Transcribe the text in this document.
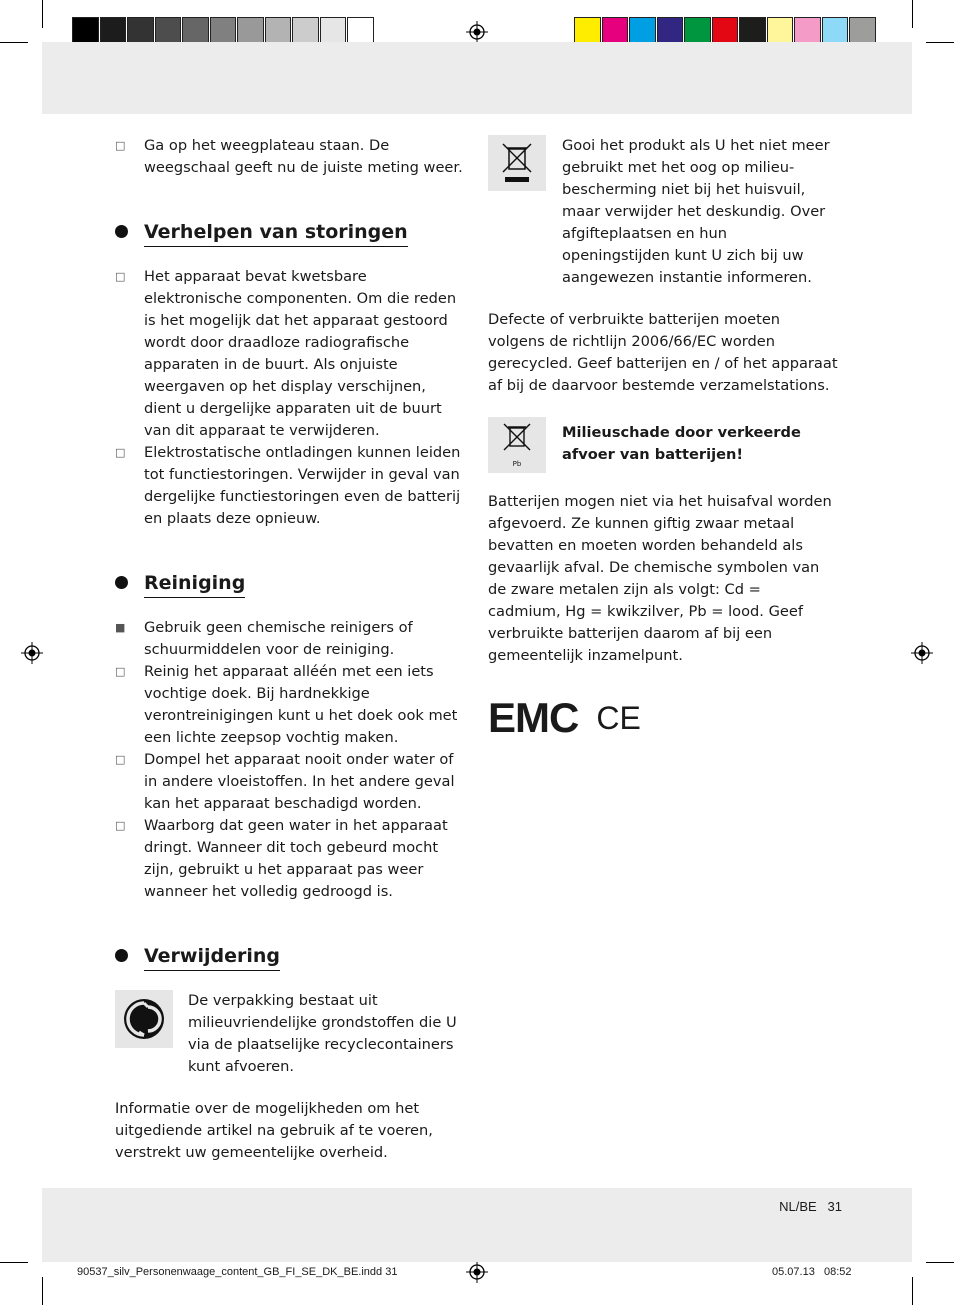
□ Ga op het weegplateau staan. De weegschaal geeft nu de juiste meting weer.
Verhelpen van storingen
□ Het apparaat bevat kwetsbare elektronische componenten. Om die reden is het mogelijk dat het apparaat gestoord wordt door draadloze radiografische apparaten in de buurt. Als onjuiste weergaven op het display verschijnen, dient u dergelijke apparaten uit de buurt van dit apparaat te verwijderen.
□ Elektrostatische ontladingen kunnen leiden tot functiestoringen. Verwijder in geval van dergelijke functiestoringen even de batterij en plaats deze opnieuw.
Reiniging
■ Gebruik geen chemische reinigers of schuurmiddelen voor de reiniging.
□ Reinig het apparaat alléén met een iets vochtige doek. Bij hardnekkige verontreinigingen kunt u het doek ook met een lichte zeepsop vochtig maken.
□ Dompel het apparaat nooit onder water of in andere vloeistoffen. In het andere geval kan het apparaat beschadigd worden.
□ Waarborg dat geen water in het apparaat dringt. Wanneer dit toch gebeurd mocht zijn, gebruikt u het apparaat pas weer wanneer het volledig gedroogd is.
Verwijdering

De verpakking bestaat uit milieuvriendelijke grondstoffen die U via de plaatselijke recyclecontainers kunt afvoeren.

Informatie over de mogelijkheden om het uitgediende artikel na gebruik af te voeren, verstrekt uw gemeentelijke overheid.

Gooi het produkt als U het niet meer gebruikt met het oog op milieu-bescherming niet bij het huisvuil, maar verwijder het deskundig. Over afgifteplaatsen en hun openingstijden kunt U zich bij uw aangewezen instantie informeren.

Defecte of verbruikte batterijen moeten volgens de richtlijn 2006/66/EC worden gerecycled. Geef batterijen en / of het apparaat af bij de daarvoor bestemde verzamelstations.

Pb

Milieuschade door verkeerde afvoer van batterijen!

Batterijen mogen niet via het huisafval worden afgevoerd. Ze kunnen giftig zwaar metaal bevatten en moeten worden behandeld als gevaarlijk afval. De chemische symbolen van de zware metalen zijn als volgt: Cd = cadmium, Hg = kwikzilver, Pb = lood. Geef verbruikte batterijen daarom af bij een gemeentelijk inzamelpunt.

EMC CE
NL/BE 31
90537_silv_Personenwaage_content_GB_FI_SE_DK_BE.indd 31	05.07.13 08:52
